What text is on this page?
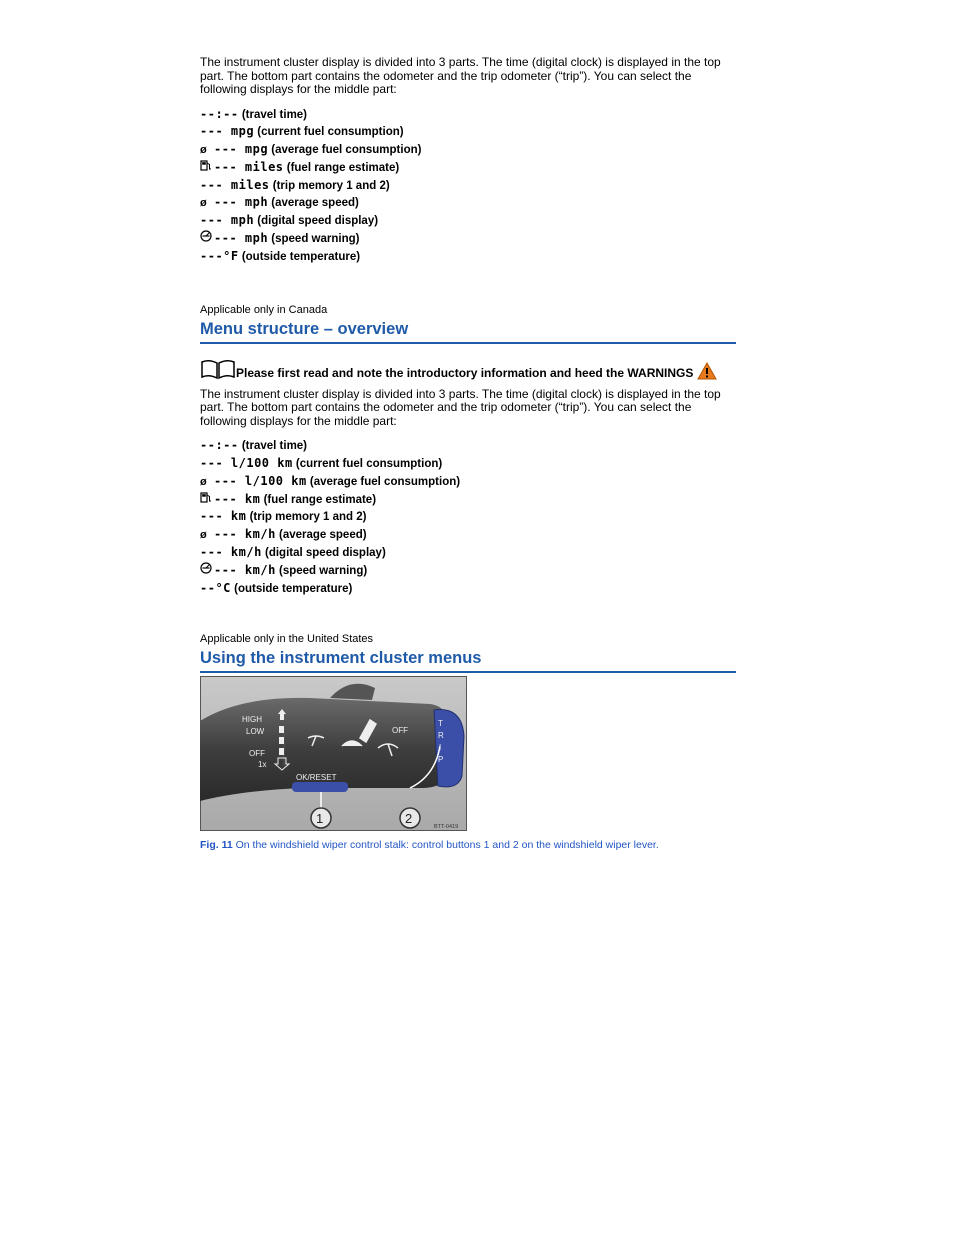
The instrument cluster display is divided into 3 parts. The time (digital clock) is displayed in the top part. The bottom part contains the odometer and the trip odometer (“trip”). You can select the following displays for the middle part:

--:-- (travel time)
--- mpg (current fuel consumption)
ø --- mpg (average fuel consumption)
--- miles (fuel range estimate)
--- miles (trip memory 1 and 2)
ø --- mph (average speed)
--- mph (digital speed display)
--- mph (speed warning)
---°F (outside temperature)

Applicable only in Canada

Menu structure – overview
Please first read and note the introductory information and heed the WARNINGS

The instrument cluster display is divided into 3 parts. The time (digital clock) is displayed in the top part. The bottom part contains the odometer and the trip odometer (“trip”). You can select the following displays for the middle part:

--:-- (travel time)
--- l/100 km (current fuel consumption)
ø --- l/100 km (average fuel consumption)
--- km (fuel range estimate)
--- km (trip memory 1 and 2)
ø --- km/h (average speed)
--- km/h (digital speed display)
--- km/h (speed warning)
--°C (outside temperature)

Applicable only in the United States

Using the instrument cluster menus
HIGH
LOW
OFF
1x
OFF
T
R
I
P
OK/RESET
1	2
BTT-0419
Fig. 11 On the windshield wiper control stalk: control buttons 1 and 2 on the windshield wiper lever.
